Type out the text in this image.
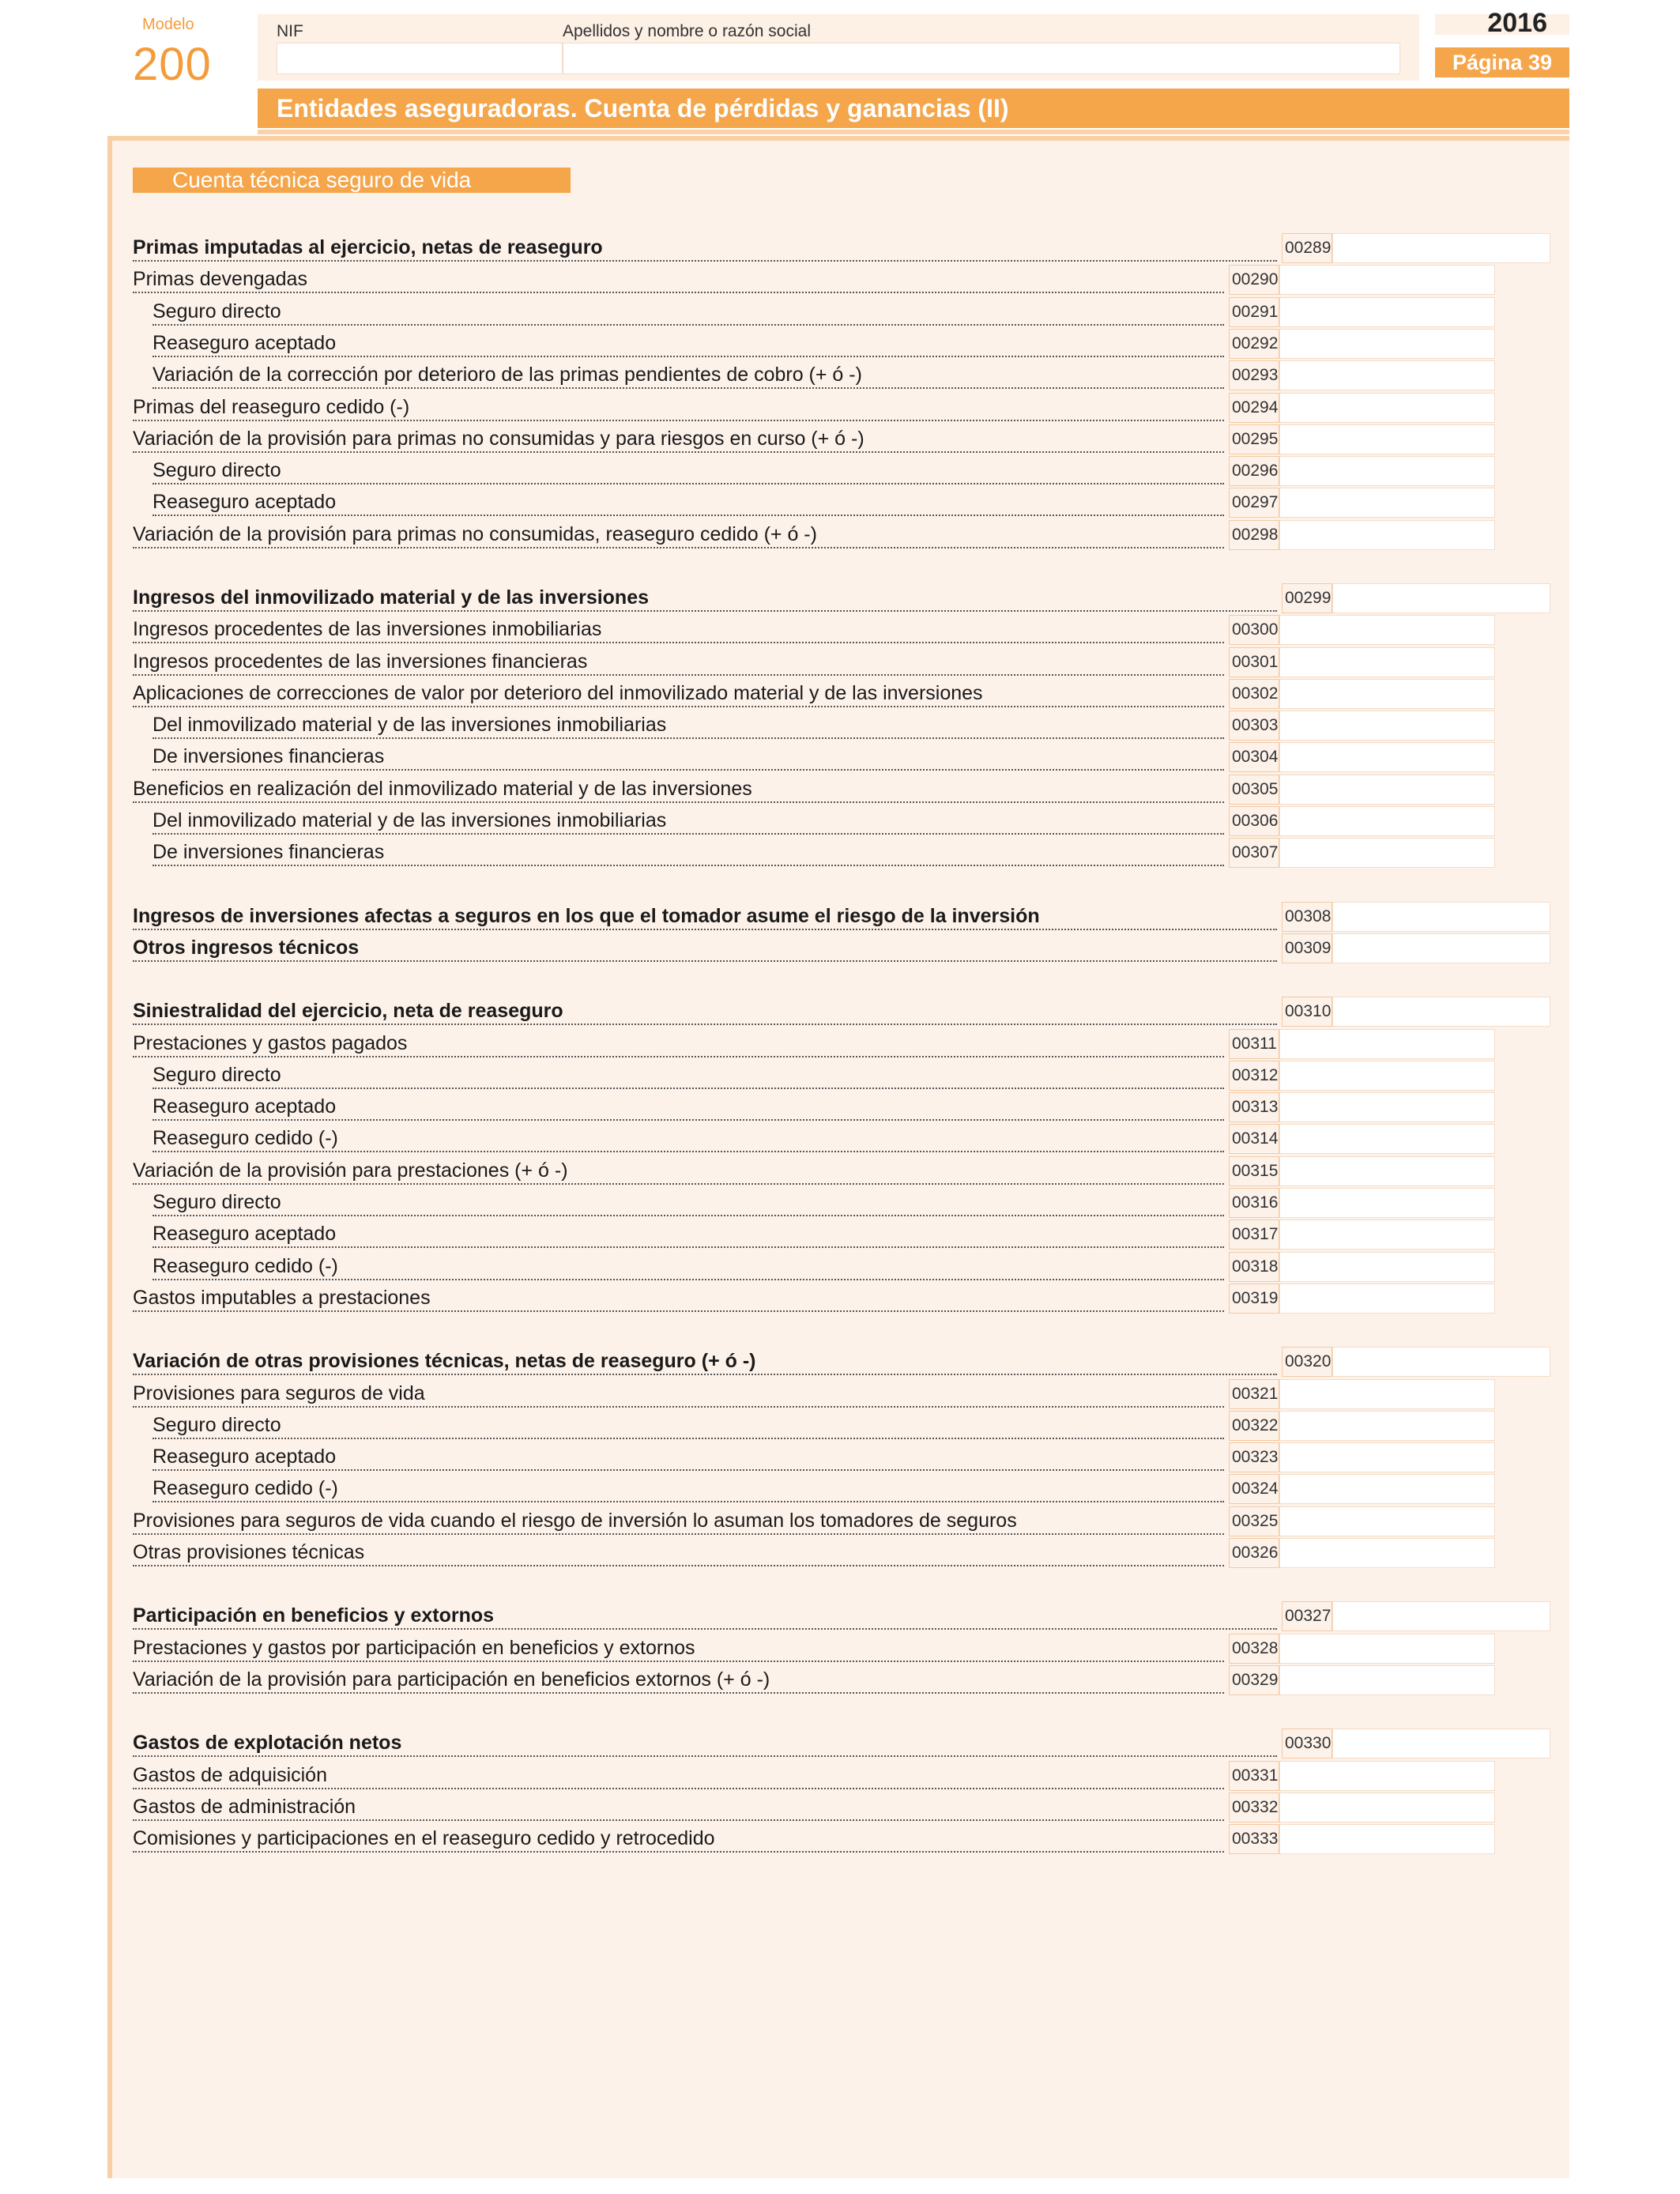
Modelo
200
NIF	Apellidos y nombre o razón social	2016
Página 39
Entidades aseguradoras. Cuenta de pérdidas y ganancias (II)
Cuenta técnica seguro de vida
Primas imputadas al ejercicio, netas de reaseguro	00289
Primas devengadas	00290
Seguro directo	00291
Reaseguro aceptado	00292
Variación de la corrección por deterioro de las primas pendientes de cobro (+ ó -)	00293
Primas del reaseguro cedido (-)	00294
Variación de la provisión para primas no consumidas y para riesgos en curso (+ ó -)	00295
Seguro directo	00296
Reaseguro aceptado	00297
Variación de la provisión para primas no consumidas, reaseguro cedido (+ ó -)	00298
Ingresos del inmovilizado material y de las inversiones	00299
Ingresos procedentes de las inversiones inmobiliarias	00300
Ingresos procedentes de las inversiones financieras	00301
Aplicaciones de correcciones de valor por deterioro del inmovilizado material y de las inversiones	00302
Del inmovilizado material y de las inversiones inmobiliarias	00303
De inversiones financieras	00304
Beneficios en realización del inmovilizado material y de las inversiones	00305
Del inmovilizado material y de las inversiones inmobiliarias	00306
De inversiones financieras	00307
Ingresos de inversiones afectas a seguros en los que el tomador asume el riesgo de la inversión	00308
Otros ingresos técnicos	00309
Siniestralidad del ejercicio, neta de reaseguro	00310
Prestaciones y gastos pagados	00311
Seguro directo	00312
Reaseguro aceptado	00313
Reaseguro cedido (-)	00314
Variación de la provisión para prestaciones (+ ó -)	00315
Seguro directo	00316
Reaseguro aceptado	00317
Reaseguro cedido (-)	00318
Gastos imputables a prestaciones	00319
Variación de otras provisiones técnicas, netas de reaseguro (+ ó -)	00320
Provisiones para seguros de vida	00321
Seguro directo	00322
Reaseguro aceptado	00323
Reaseguro cedido (-)	00324
Provisiones para seguros de vida cuando el riesgo de inversión lo asuman los tomadores de seguros	00325
Otras provisiones técnicas	00326
Participación en beneficios y extornos	00327
Prestaciones y gastos por participación en beneficios y extornos	00328
Variación de la provisión para participación en beneficios extornos (+ ó -)	00329
Gastos de explotación netos	00330
Gastos de adquisición	00331
Gastos de administración	00332
Comisiones y participaciones en el reaseguro cedido y retrocedido	00333
